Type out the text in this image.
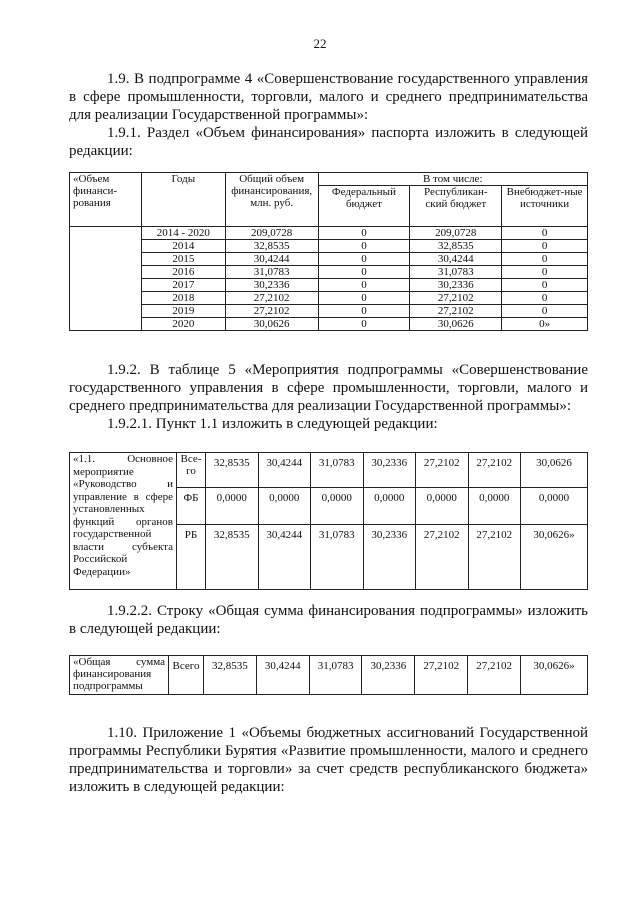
22

1.9. В подпрограмме 4 «Совершенствование государственного управления в сфере промышленности, торговли, малого и среднего предпринимательства для реализации Государственной программы»:

1.9.1. Раздел «Объем финансирования» паспорта изложить в следующей редакции:

«Объем финанси-рования	Годы	Общий объем финансирования, млн. руб.	В том числе:		
			Федеральный бюджет	Республикан-ский бюджет	Внебюджет-ные источники

	2014 - 2020	209,0728	0	209,0728	0
	2014	32,8535	0	32,8535	0
	2015	30,4244	0	30,4244	0
	2016	31,0783	0	31,0783	0
	2017	30,2336	0	30,2336	0
	2018	27,2102	0	27,2102	0
	2019	27,2102	0	27,2102	0
	2020	30,0626	0	30,0626	0»

1.9.2. В таблице 5 «Мероприятия подпрограммы «Совершенствование государственного управления в сфере промышленности, торговли, малого и среднего предпринимательства для реализации Государственной программы»:

1.9.2.1. Пункт 1.1 изложить в следующей редакции:

«1.1. Основное мероприятие «Руководство и управление в сфере установленных функций органов государственной власти субъекта Российской Федерации»	Все-го	32,8535	30,4244	31,0783	30,2336	27,2102	27,2102	30,0626
	ФБ	0,0000	0,0000	0,0000	0,0000	0,0000	0,0000	0,0000
	РБ	32,8535	30,4244	31,0783	30,2336	27,2102	27,2102	30,0626»

1.9.2.2. Строку «Общая сумма финансирования подпрограммы» изложить в следующей редакции:

«Общая сумма финансирования подпрограммы	Всего	32,8535	30,4244	31,0783	30,2336	27,2102	27,2102	30,0626»

1.10. Приложение 1 «Объемы бюджетных ассигнований Государственной программы Республики Бурятия «Развитие промышленности, малого и среднего предпринимательства и торговли» за счет средств республиканского бюджета» изложить в следующей редакции:
